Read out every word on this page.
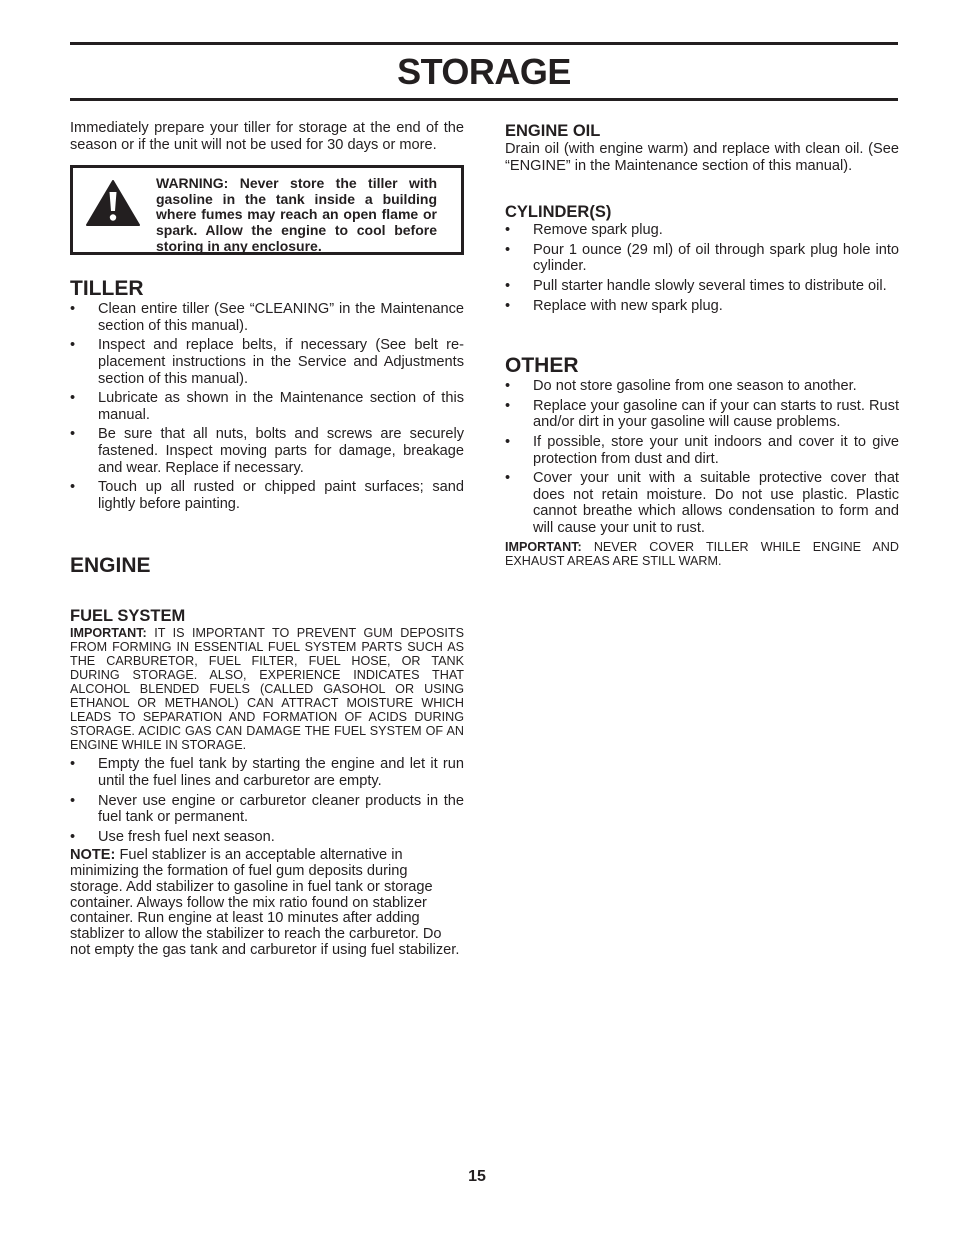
STORAGE

Immediately prepare your tiller for storage at the end of the season or if the unit will not be used for 30 days or more.

WARNING: Never store the tiller with gasoline in the tank inside a building where fumes may reach an open flame or spark. Allow the engine to cool before storing in any enclosure.
TILLER
• Clean entire tiller (See “CLEANING” in the Maintenance section of this manual).
• Inspect and replace belts, if necessary (See belt re-placement instructions in the Service and Adjustments section of this manual).
• Lubricate as shown in the Maintenance section of this manual.
• Be sure that all nuts, bolts and screws are securely fastened. Inspect moving parts for damage, breakage and wear. Replace if necessary.
• Touch up all rusted or chipped paint surfaces; sand lightly before painting.
ENGINE
FUEL SYSTEM

IMPORTANT: IT IS IMPORTANT TO PREVENT GUM DEPOSITS FROM FORMING IN ESSENTIAL FUEL SYSTEM PARTS SUCH AS THE CARBURETOR, FUEL FILTER, FUEL HOSE, OR TANK DURING STORAGE. ALSO, EXPERIENCE INDICATES THAT ALCOHOL BLENDED FUELS (CALLED GASOHOL OR USING ETHANOL OR METHANOL) CAN ATTRACT MOISTURE WHICH LEADS TO SEPARATION AND FORMATION OF ACIDS DURING STORAGE. ACIDIC GAS CAN DAMAGE THE FUEL SYSTEM OF AN ENGINE WHILE IN STORAGE.

• Empty the fuel tank by starting the engine and let it run until the fuel lines and carburetor are empty.
• Never use engine or carburetor cleaner products in the fuel tank or permanent.
• Use fresh fuel next season.

NOTE: Fuel stablizer is an acceptable alternative in minimizing the formation of fuel gum deposits during storage. Add stabilizer to gasoline in fuel tank or storage container. Always follow the mix ratio found on stablizer container. Run engine at least 10 minutes after adding stablizer to allow the stabilizer to reach the carburetor. Do not empty the gas tank and carburetor if using fuel stabilizer.

ENGINE OIL

Drain oil (with engine warm) and replace with clean oil. (See “ENGINE” in the Maintenance section of this manual).

CYLINDER(S)
• Remove spark plug.
• Pour 1 ounce (29 ml) of oil through spark plug hole into cylinder.
• Pull starter handle slowly several times to distribute oil.
• Replace with new spark plug.
OTHER
• Do not store gasoline from one season to another.
• Replace your gasoline can if your can starts to rust. Rust and/or dirt in your gasoline will cause problems.
• If possible, store your unit indoors and cover it to give protection from dust and dirt.
• Cover your unit with a suitable protective cover that does not retain moisture. Do not use plastic. Plastic cannot breathe which allows condensation to form and will cause your unit to rust.

IMPORTANT: NEVER COVER TILLER WHILE ENGINE AND EXHAUST AREAS ARE STILL WARM.

15
